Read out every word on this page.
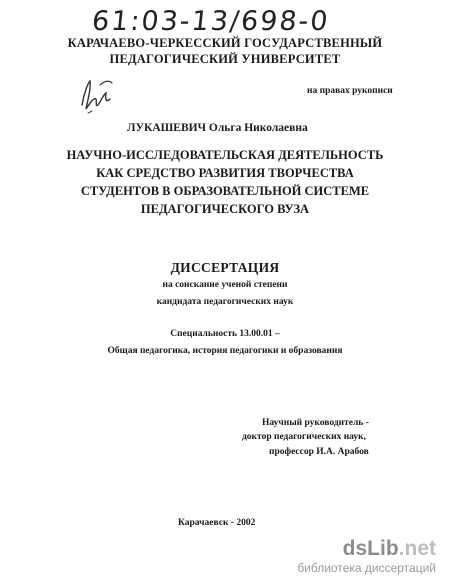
61:03-13/698-0
КАРАЧАЕВО-ЧЕРКЕССКИЙ ГОСУДАРСТВЕННЫЙ
ПЕДАГОГИЧЕСКИЙ УНИВЕРСИТЕТ
на правах рукописи
ЛУКАШЕВИЧ Ольга Николаевна
НАУЧНО-ИССЛЕДОВАТЕЛЬСКАЯ ДЕЯТЕЛЬНОСТЬ
КАК СРЕДСТВО РАЗВИТИЯ ТВОРЧЕСТВА
СТУДЕНТОВ В ОБРАЗОВАТЕЛЬНОЙ СИСТЕМЕ
ПЕДАГОГИЧЕСКОГО ВУЗА
ДИССЕРТАЦИЯ
на соискание ученой степени
кандидата педагогических наук
Специальность 13.00.01 –
Общая педагогика, история педагогики и образования
Научный руководитель -
доктор педагогических наук,
профессор И.А. Арабов
Карачаевск - 2002
dsLib.net
библиотека диссертаций
